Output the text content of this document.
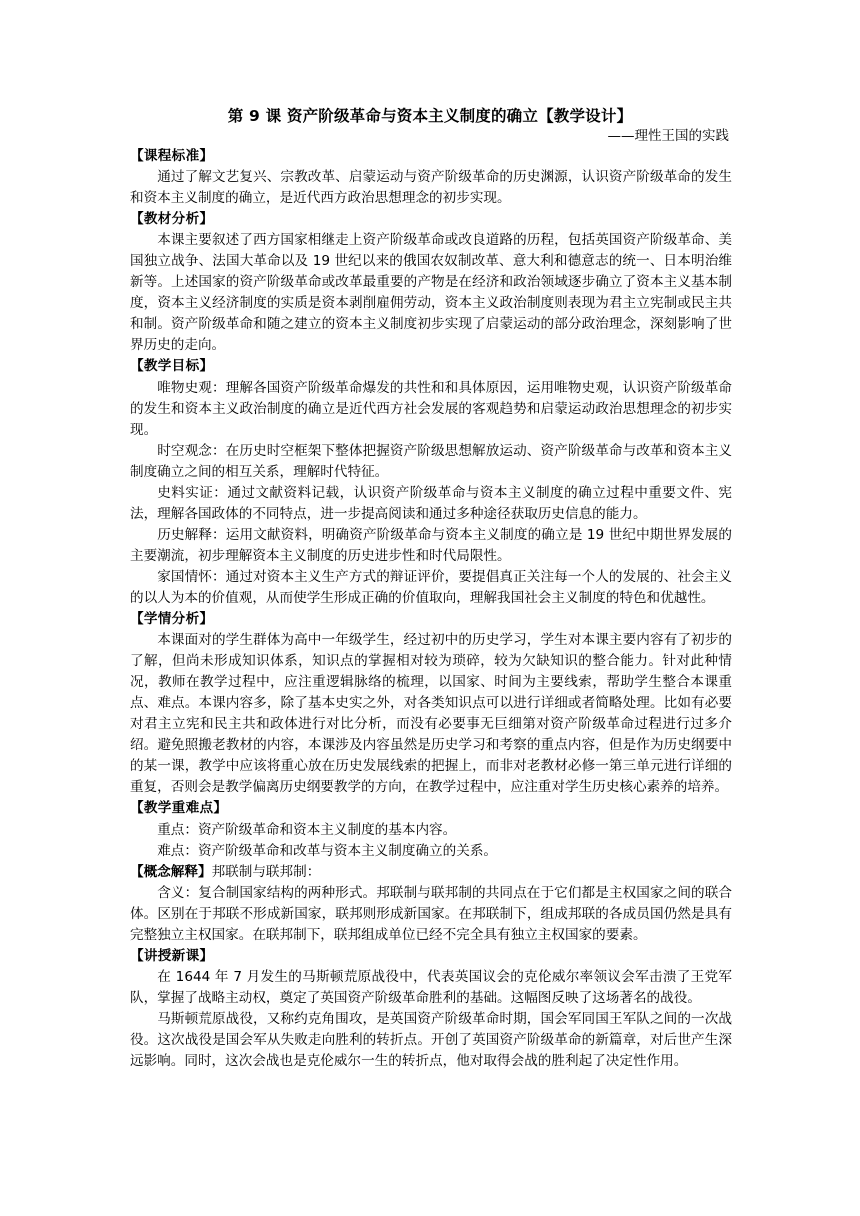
第 9 课 资产阶级革命与资本主义制度的确立【教学设计】
——理性王国的实践

【课程标准】

通过了解文艺复兴、宗教改革、启蒙运动与资产阶级革命的历史渊源，认识资产阶级革命的发生和资本主义制度的确立，是近代西方政治思想理念的初步实现。

【教材分析】

本课主要叙述了西方国家相继走上资产阶级革命或改良道路的历程，包括英国资产阶级革命、美国独立战争、法国大革命以及 19 世纪以来的俄国农奴制改革、意大利和德意志的统一、日本明治维新等。上述国家的资产阶级革命或改革最重要的产物是在经济和政治领域逐步确立了资本主义基本制度，资本主义经济制度的实质是资本剥削雇佣劳动，资本主义政治制度则表现为君主立宪制或民主共和制。资产阶级革命和随之建立的资本主义制度初步实现了启蒙运动的部分政治理念，深刻影响了世界历史的走向。

【教学目标】

唯物史观：理解各国资产阶级革命爆发的共性和和具体原因，运用唯物史观，认识资产阶级革命的发生和资本主义政治制度的确立是近代西方社会发展的客观趋势和启蒙运动政治思想理念的初步实现。

时空观念：在历史时空框架下整体把握资产阶级思想解放运动、资产阶级革命与改革和资本主义制度确立之间的相互关系，理解时代特征。

史料实证：通过文献资料记载，认识资产阶级革命与资本主义制度的确立过程中重要文件、宪法，理解各国政体的不同特点，进一步提高阅读和通过多种途径获取历史信息的能力。

历史解释：运用文献资料，明确资产阶级革命与资本主义制度的确立是 19 世纪中期世界发展的主要潮流，初步理解资本主义制度的历史进步性和时代局限性。

家国情怀：通过对资本主义生产方式的辩证评价，要提倡真正关注每一个人的发展的、社会主义的以人为本的价值观，从而使学生形成正确的价值取向，理解我国社会主义制度的特色和优越性。

【学情分析】

本课面对的学生群体为高中一年级学生，经过初中的历史学习，学生对本课主要内容有了初步的了解，但尚未形成知识体系，知识点的掌握相对较为琐碎，较为欠缺知识的整合能力。针对此种情况，教师在教学过程中，应注重逻辑脉络的梳理，以国家、时间为主要线索，帮助学生整合本课重点、难点。本课内容多，除了基本史实之外，对各类知识点可以进行详细或者简略处理。比如有必要对君主立宪和民主共和政体进行对比分析，而没有必要事无巨细第对资产阶级革命过程进行过多介绍。避免照搬老教材的内容，本课涉及内容虽然是历史学习和考察的重点内容，但是作为历史纲要中的某一课，教学中应该将重心放在历史发展线索的把握上，而非对老教材必修一第三单元进行详细的重复，否则会是教学偏离历史纲要教学的方向，在教学过程中，应注重对学生历史核心素养的培养。

【教学重难点】

重点：资产阶级革命和资本主义制度的基本内容。

难点：资产阶级革命和改革与资本主义制度确立的关系。

【概念解释】邦联制与联邦制：

含义：复合制国家结构的两种形式。邦联制与联邦制的共同点在于它们都是主权国家之间的联合体。区别在于邦联不形成新国家，联邦则形成新国家。在邦联制下，组成邦联的各成员国仍然是具有完整独立主权国家。在联邦制下，联邦组成单位已经不完全具有独立主权国家的要素。

【讲授新课】

在 1644 年 7 月发生的马斯顿荒原战役中，代表英国议会的克伦威尔率领议会军击溃了王党军队，掌握了战略主动权，奠定了英国资产阶级革命胜利的基础。这幅图反映了这场著名的战役。

马斯顿荒原战役，又称约克角围攻，是英国资产阶级革命时期，国会军同国王军队之间的一次战役。这次战役是国会军从失败走向胜利的转折点。开创了英国资产阶级革命的新篇章，对后世产生深远影响。同时，这次会战也是克伦威尔一生的转折点，他对取得会战的胜利起了决定性作用。
